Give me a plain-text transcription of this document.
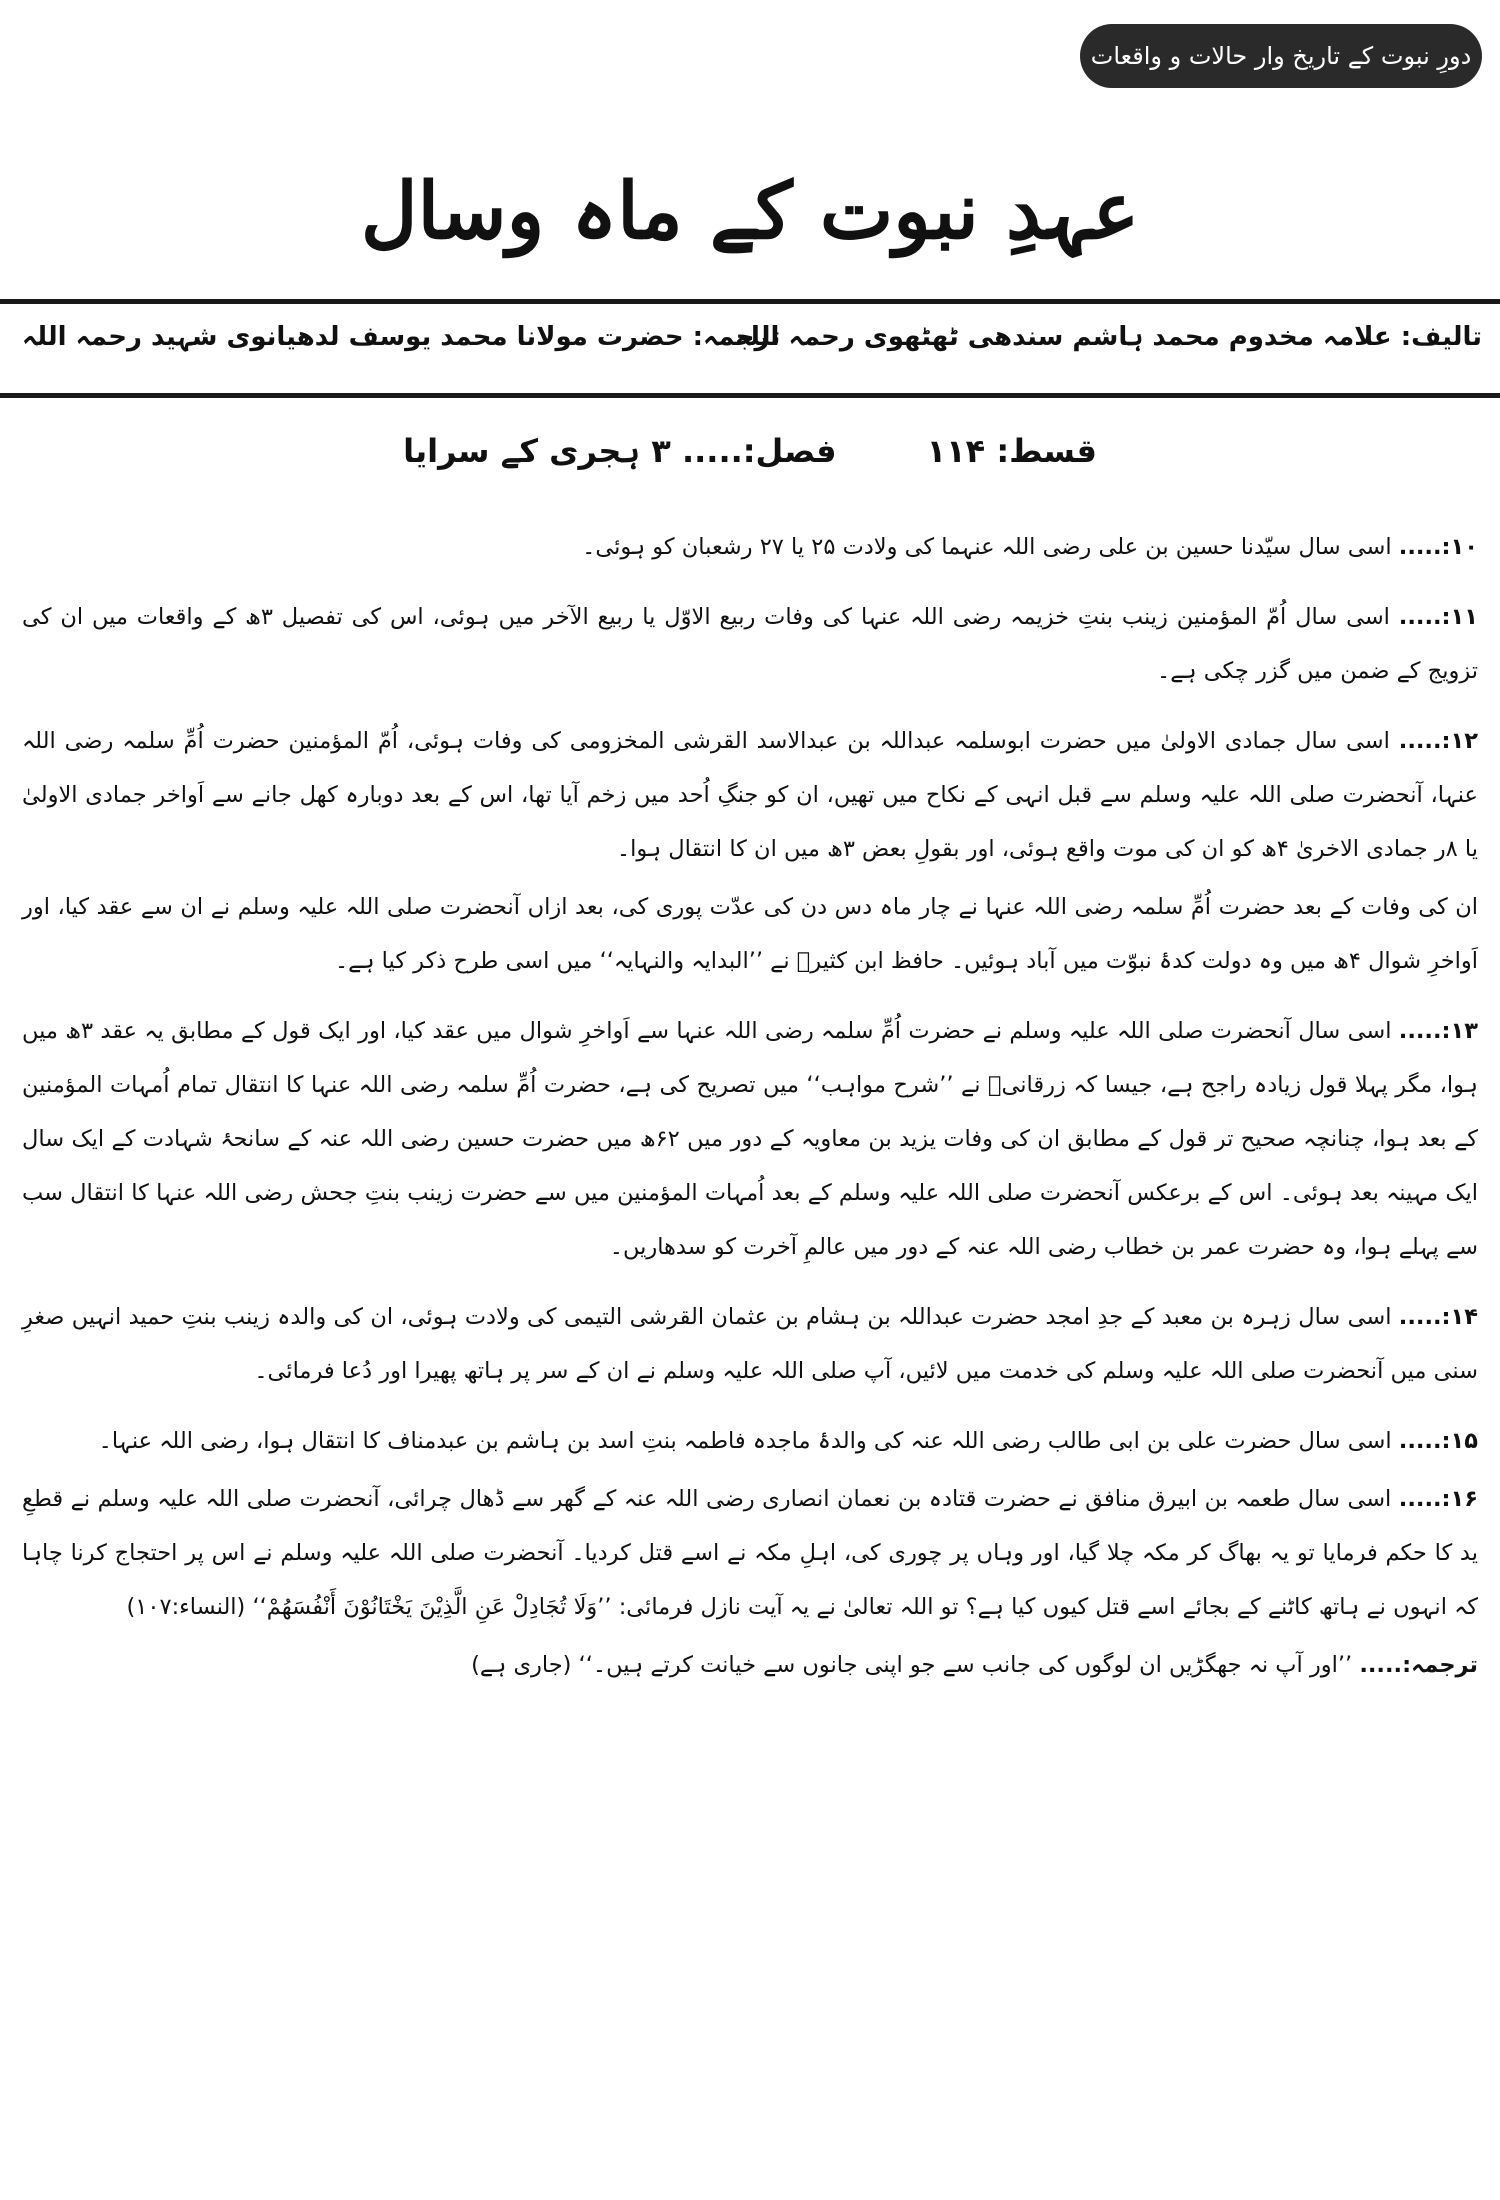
دورِ نبوت کے تاریخ وار حالات و واقعات
عہدِ نبوت کے ماہ وسال
تالیف: علامہ مخدوم محمد ہاشم سندھی ٹھٹھوی رحمہ اللہ
ترجمہ: حضرت مولانا محمد یوسف لدھیانوی شہید رحمہ اللہ
قسط: ۱۱۴
فصل:..... ۳ ہجری کے سرایا

۱۰:..... اسی سال سیّدنا حسین بن علی رضی اللہ عنہما کی ولادت ۲۵ یا ۲۷ رشعبان کو ہوئی۔

۱۱:..... اسی سال اُمّ المؤمنین زینب بنتِ خزیمہ رضی اللہ عنہا کی وفات ربیع الاوّل یا ربیع الآخر میں ہوئی، اس کی تفصیل ۳ھ کے واقعات میں ان کی تزویج کے ضمن میں گزر چکی ہے۔

۱۲:..... اسی سال جمادی الاولیٰ میں حضرت ابوسلمہ عبداللہ بن عبدالاسد القرشی المخزومی کی وفات ہوئی، اُمّ المؤمنین حضرت اُمِّ سلمہ رضی اللہ عنہا، آنحضرت صلی اللہ علیہ وسلم سے قبل انہی کے نکاح میں تھیں، ان کو جنگِ اُحد میں زخم آیا تھا، اس کے بعد دوبارہ کھل جانے سے اَواخر جمادی الاولیٰ یا ۸ر جمادی الاخریٰ ۴ھ کو ان کی موت واقع ہوئی، اور بقولِ بعض ۳ھ میں ان کا انتقال ہوا۔

ان کی وفات کے بعد حضرت اُمِّ سلمہ رضی اللہ عنہا نے چار ماہ دس دن کی عدّت پوری کی، بعد ازاں آنحضرت صلی اللہ علیہ وسلم نے ان سے عقد کیا، اور اَواخرِ شوال ۴ھ میں وہ دولت کدۂ نبوّت میں آباد ہوئیں۔ حافظ ابن کثیرؒ نے ’’البدایہ والنہایہ‘‘ میں اسی طرح ذکر کیا ہے۔

۱۳:..... اسی سال آنحضرت صلی اللہ علیہ وسلم نے حضرت اُمِّ سلمہ رضی اللہ عنہا سے اَواخرِ شوال میں عقد کیا، اور ایک قول کے مطابق یہ عقد ۳ھ میں ہوا، مگر پہلا قول زیادہ راجح ہے، جیسا کہ زرقانیؒ نے ’’شرح مواہب‘‘ میں تصریح کی ہے، حضرت اُمِّ سلمہ رضی اللہ عنہا کا انتقال تمام اُمہات المؤمنین کے بعد ہوا، چنانچہ صحیح تر قول کے مطابق ان کی وفات یزید بن معاویہ کے دور میں ۶۲ھ میں حضرت حسین رضی اللہ عنہ کے سانحۂ شہادت کے ایک سال ایک مہینہ بعد ہوئی۔ اس کے برعکس آنحضرت صلی اللہ علیہ وسلم کے بعد اُمہات المؤمنین میں سے حضرت زینب بنتِ جحش رضی اللہ عنہا کا انتقال سب سے پہلے ہوا، وہ حضرت عمر بن خطاب رضی اللہ عنہ کے دور میں عالمِ آخرت کو سدھاریں۔

۱۴:..... اسی سال زہرہ بن معبد کے جدِ امجد حضرت عبداللہ بن ہشام بن عثمان القرشی التیمی کی ولادت ہوئی، ان کی والدہ زینب بنتِ حمید انہیں صغرِ سنی میں آنحضرت صلی اللہ علیہ وسلم کی خدمت میں لائیں، آپ صلی اللہ علیہ وسلم نے ان کے سر پر ہاتھ پھیرا اور دُعا فرمائی۔

۱۵:..... اسی سال حضرت علی بن ابی طالب رضی اللہ عنہ کی والدۂ ماجدہ فاطمہ بنتِ اسد بن ہاشم بن عبدمناف کا انتقال ہوا، رضی اللہ عنہا۔

۱۶:..... اسی سال طعمہ بن ابیرق منافق نے حضرت قتادہ بن نعمان انصاری رضی اللہ عنہ کے گھر سے ڈھال چرائی، آنحضرت صلی اللہ علیہ وسلم نے قطعِ ید کا حکم فرمایا تو یہ بھاگ کر مکہ چلا گیا، اور وہاں پر چوری کی، اہلِ مکہ نے اسے قتل کردیا۔ آنحضرت صلی اللہ علیہ وسلم نے اس پر احتجاج کرنا چاہا کہ انہوں نے ہاتھ کاٹنے کے بجائے اسے قتل کیوں کیا ہے؟ تو اللہ تعالیٰ نے یہ آیت نازل فرمائی: ’’وَلَا تُجَادِلْ عَنِ الَّذِيْنَ يَخْتَانُوْنَ أَنْفُسَهُمْ‘‘ (النساء:۱۰۷)

ترجمہ:..... ’’اور آپ نہ جھگڑیں ان لوگوں کی جانب سے جو اپنی جانوں سے خیانت کرتے ہیں۔‘‘ (جاری ہے)
